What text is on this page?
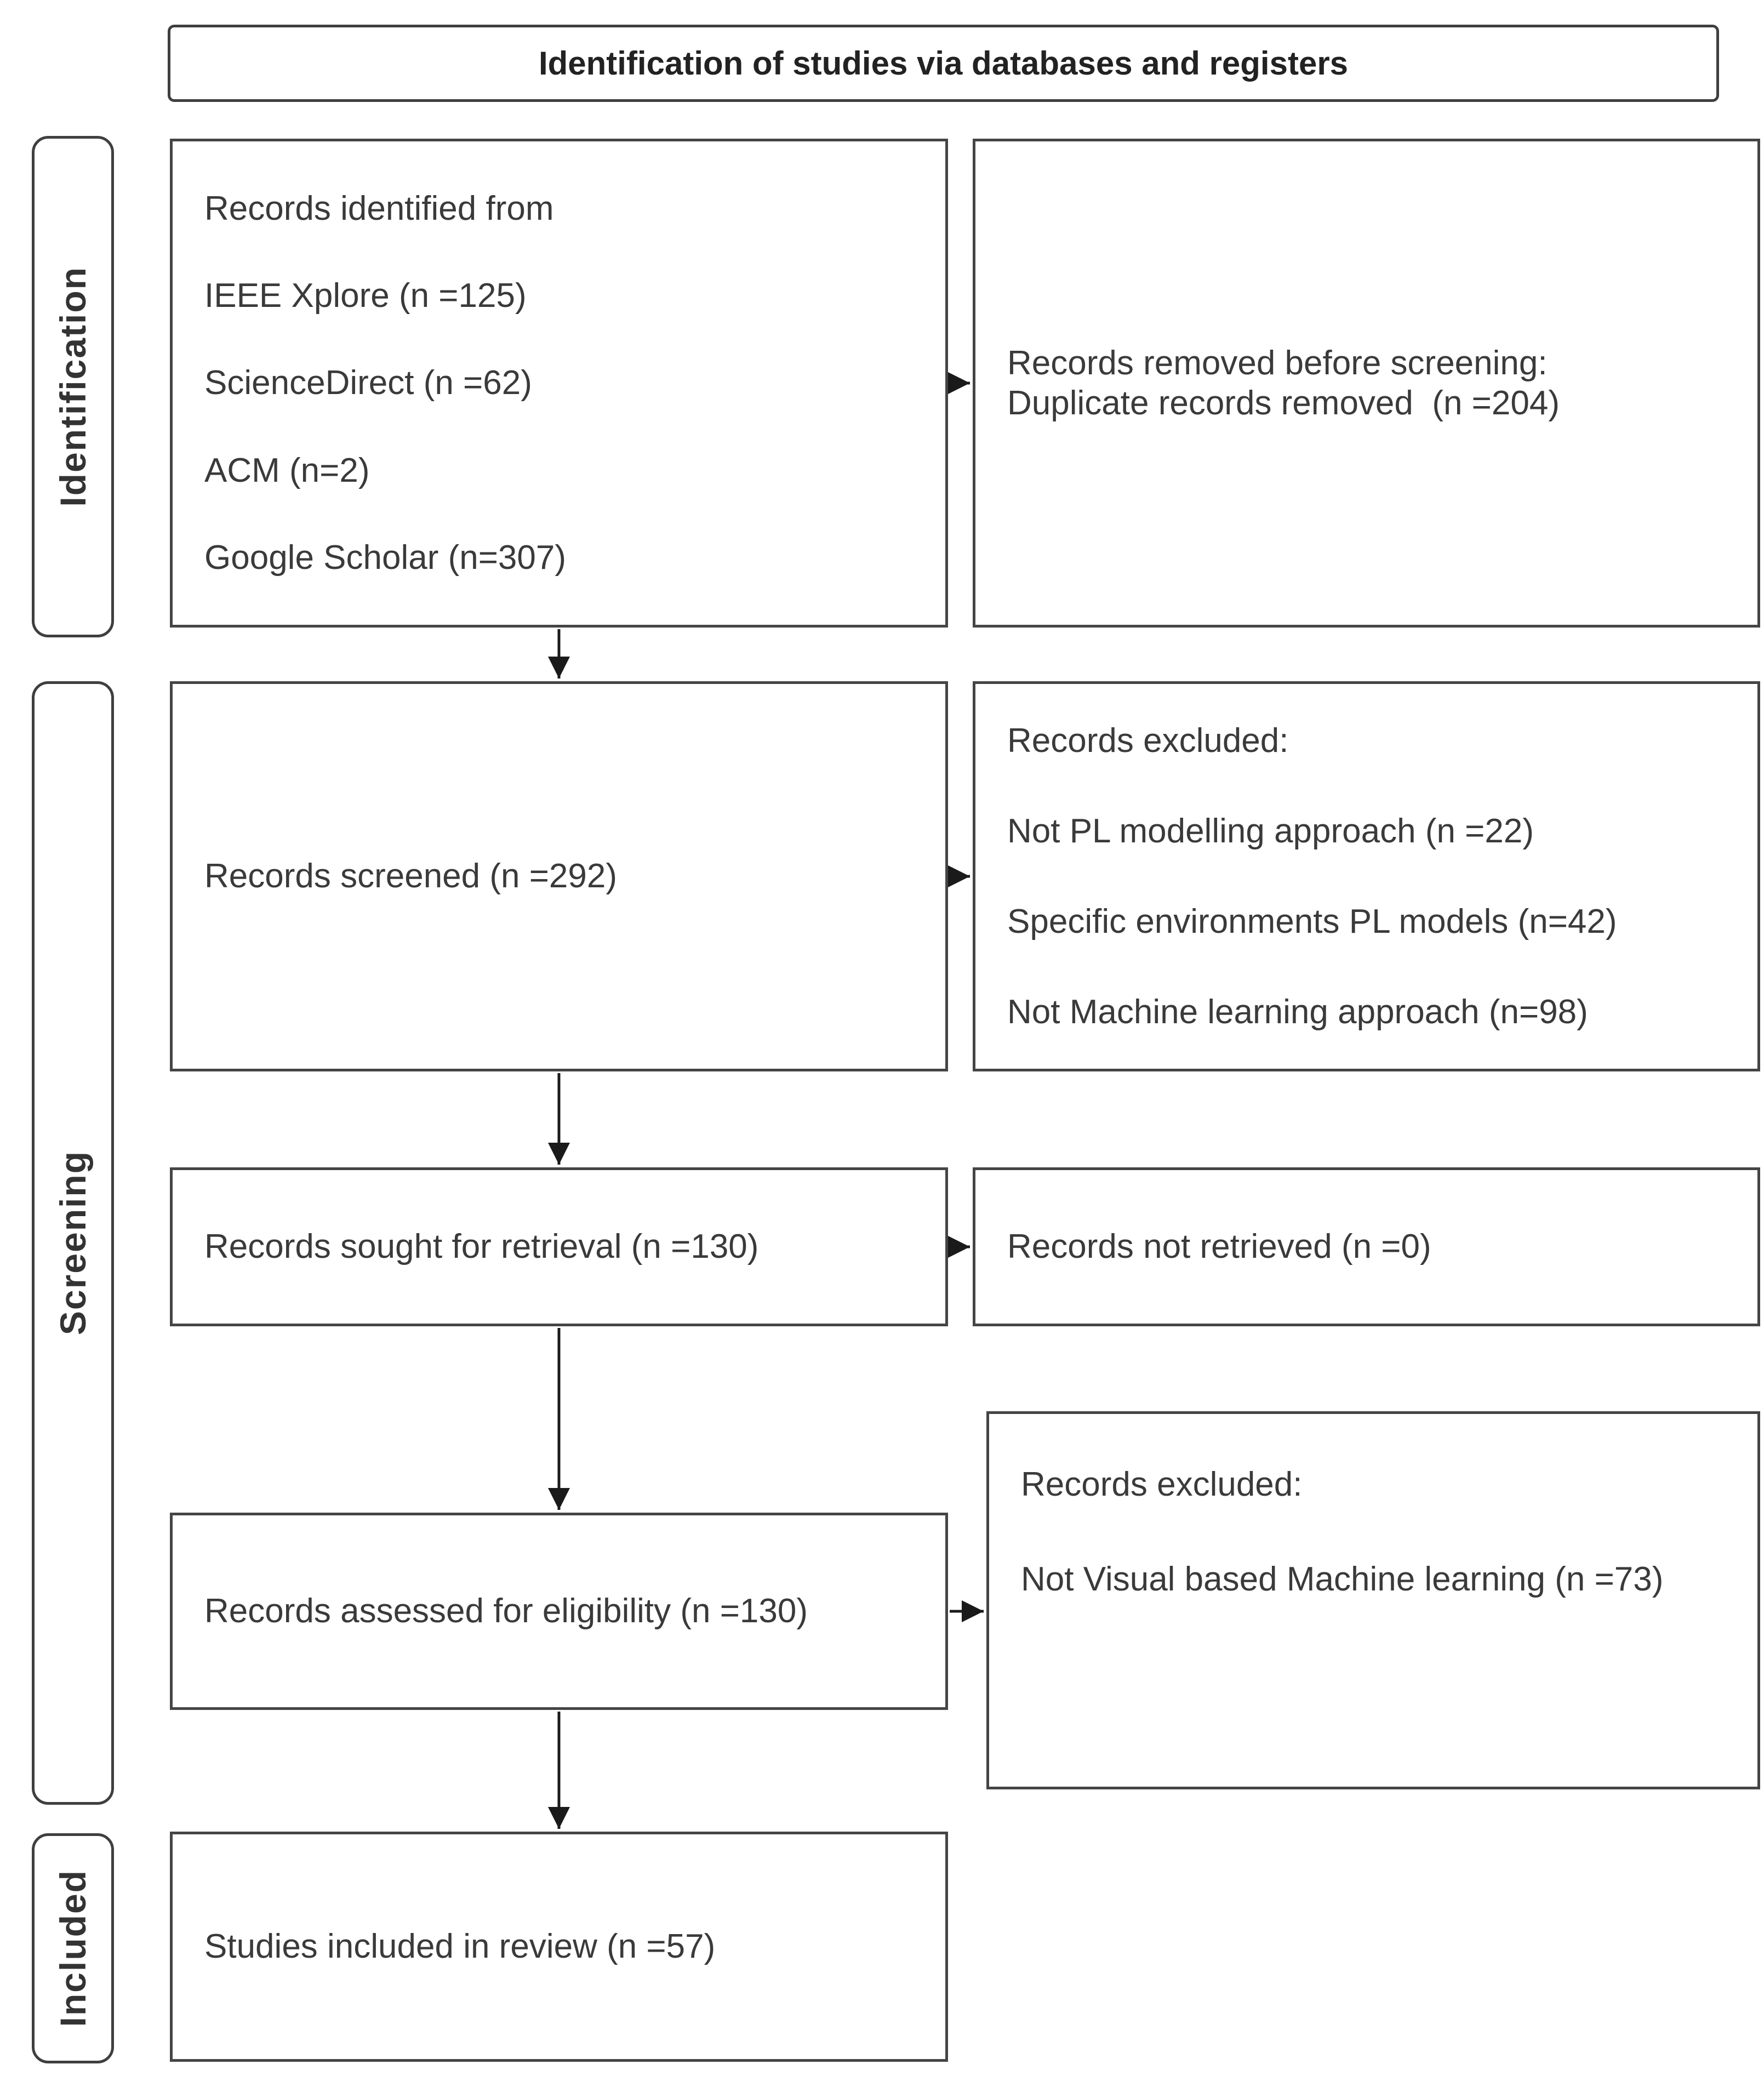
Identification of studies via databases and registers
Identification
Screening
Included

Records identified from

IEEE Xplore (n =125)

ScienceDirect (n =62)

ACM (n=2)

Google Scholar (n=307)

Records removed before screening:

Duplicate records removed  (n =204)

Records screened (n =292)

Records excluded:

Not PL modelling approach (n =22)

Specific environments PL models (n=42)

Not Machine learning approach (n=98)

Records sought for retrieval (n =130)	Records not retrieved (n =0)

Records assessed for eligibility (n =130)

Records excluded:

Not Visual based Machine learning (n =73)

Studies included in review (n =57)
